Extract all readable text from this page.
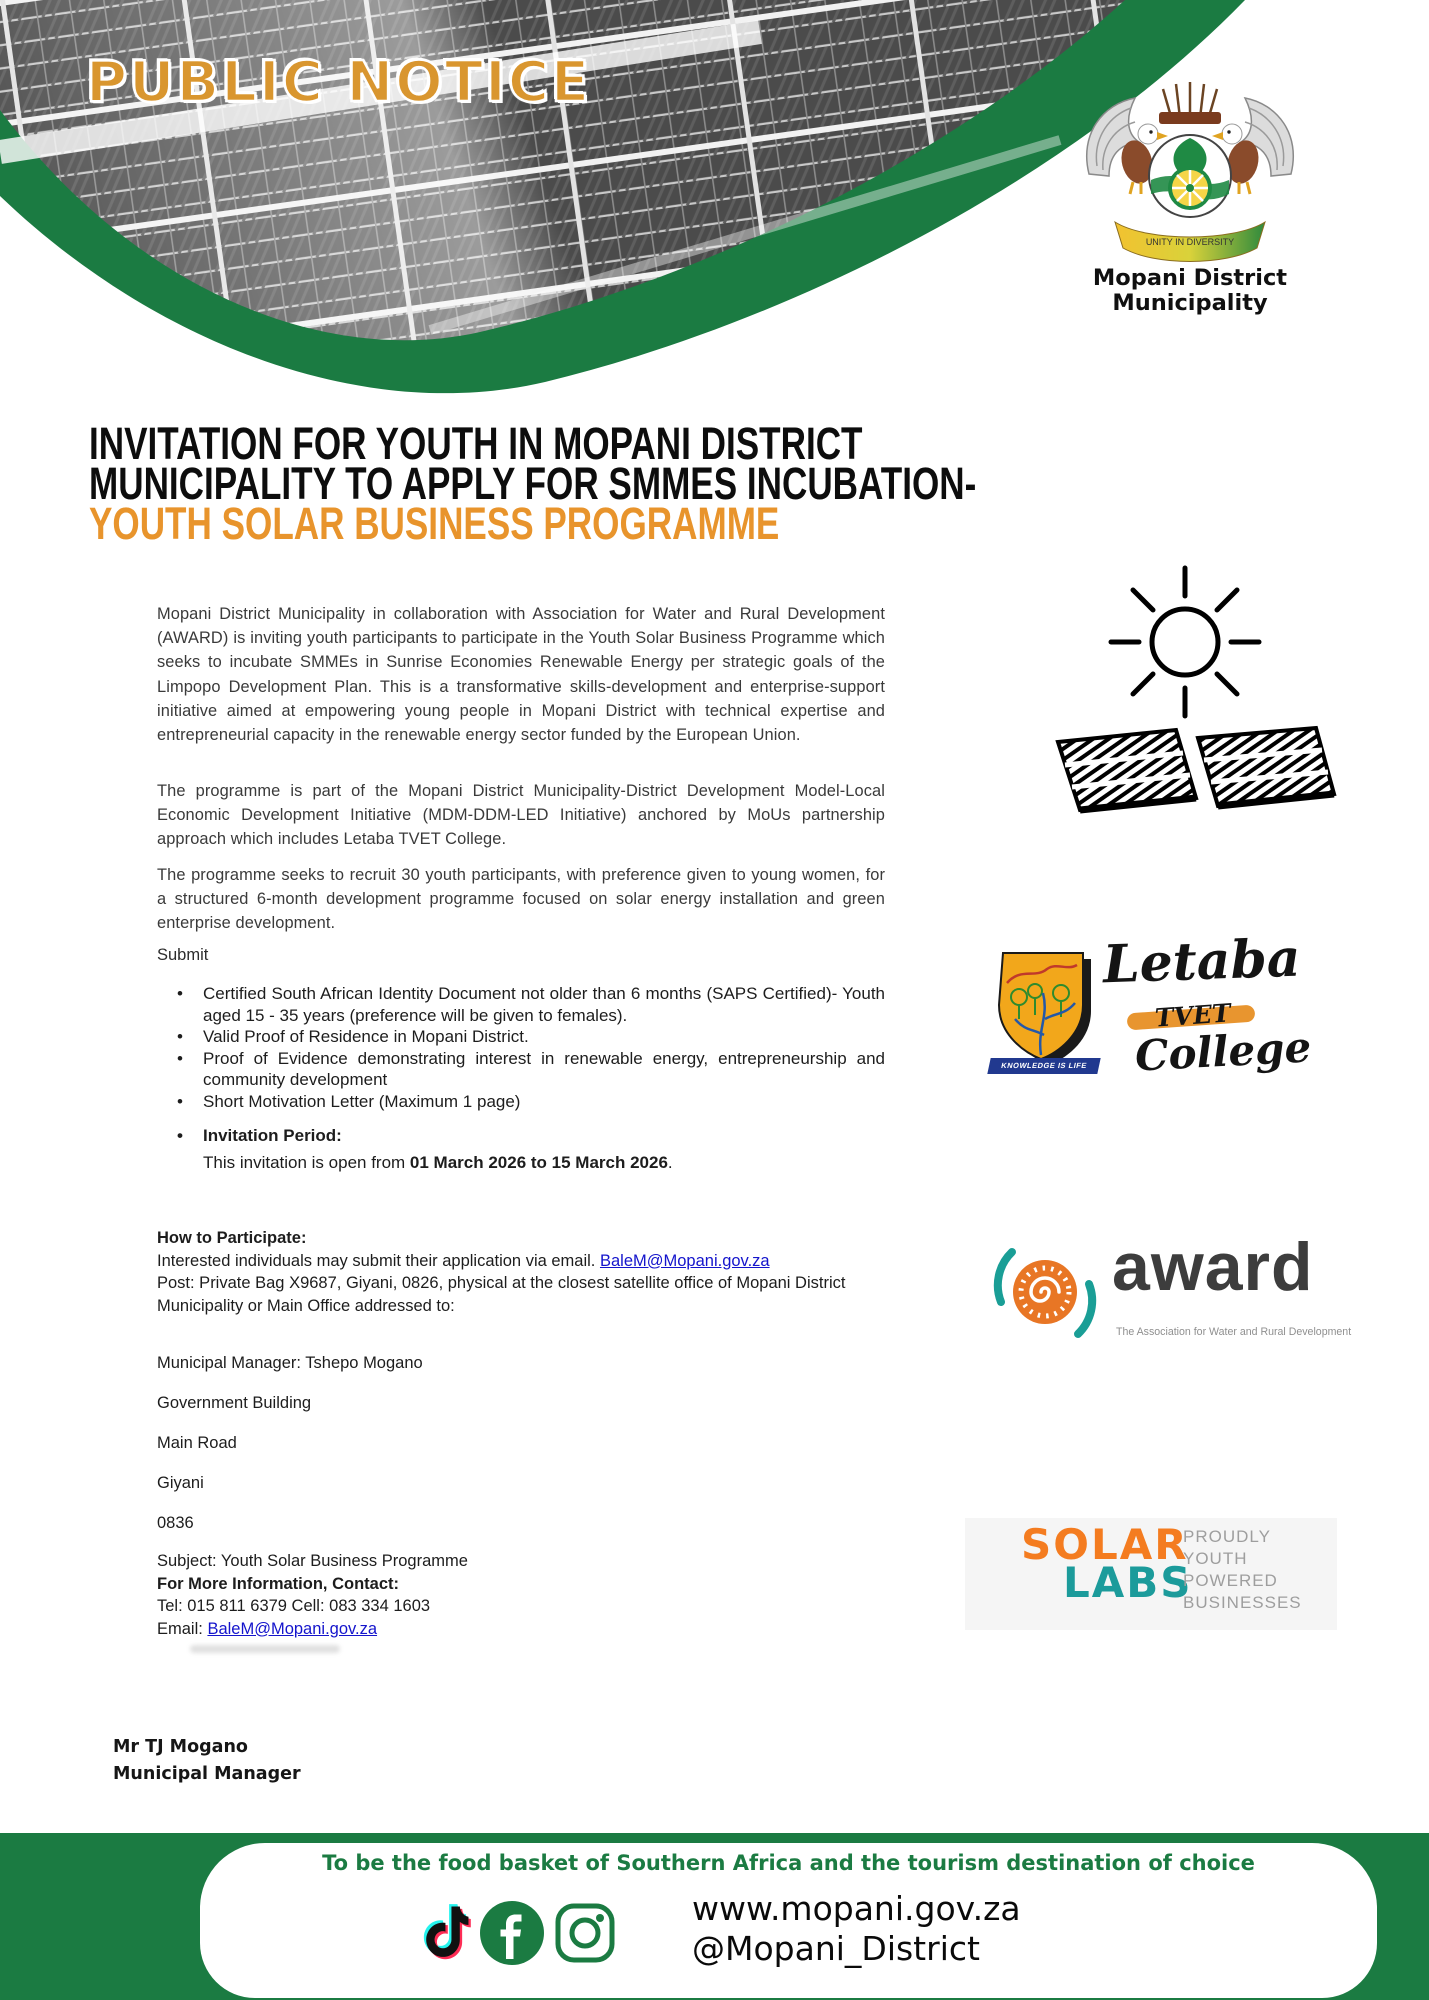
PUBLIC NOTICE
UNITY IN DIVERSITY
Mopani District
Municipality
INVITATION FOR YOUTH IN MOPANI DISTRICT
MUNICIPALITY TO APPLY FOR SMMES INCUBATION-
YOUTH SOLAR BUSINESS PROGRAMME
Mopani District Municipality in collaboration with Association for Water and Rural Development (AWARD) is inviting youth participants to participate in the Youth Solar Business Programme which seeks to incubate SMMEs in Sunrise Economies Renewable Energy per strategic goals of the Limpopo Development Plan. This is a transformative skills-development and enterprise-support initiative aimed at empowering young people in Mopani District with technical expertise and entrepreneurial capacity in the renewable energy sector funded by the European Union.
The programme is part of the Mopani District Municipality-District Development Model-Local Economic Development Initiative (MDM-DDM-LED Initiative) anchored by MoUs partnership approach which includes Letaba TVET College.
The programme seeks to recruit 30 youth participants, with preference given to young women, for a structured 6-month development programme focused on solar energy installation and green enterprise development.
Submit
• Certified South African Identity Document not older than 6 months (SAPS Certified)- Youth aged 15 - 35 years (preference will be given to females).
• Valid Proof of Residence in Mopani District.
• Proof of Evidence demonstrating interest in renewable energy, entrepreneurship and community development
• Short Motivation Letter (Maximum 1 page)
• Invitation Period:
This invitation is open from 01 March 2026 to 15 March 2026.
How to Participate:
Interested individuals may submit their application via email. BaleM@Mopani.gov.za
Post: Private Bag X9687, Giyani, 0826, physical at the closest satellite office of Mopani District Municipality or Main Office addressed to:
Municipal Manager: Tshepo Mogano
Government Building
Main Road
Giyani
0836
Subject: Youth Solar Business Programme
For More Information, Contact:
Tel: 015 811 6379 Cell: 083 334 1603
Email: BaleM@Mopani.gov.za
Mr TJ Mogano
Municipal Manager
KNOWLEDGE IS LIFE
Letaba
TVET
College
award
The Association for Water and Rural Development
SOLAR
LABS
PROUDLY
YOUTH
POWERED
BUSINESSES
To be the food basket of Southern Africa and the tourism destination of choice
www.mopani.gov.za
@Mopani_District
